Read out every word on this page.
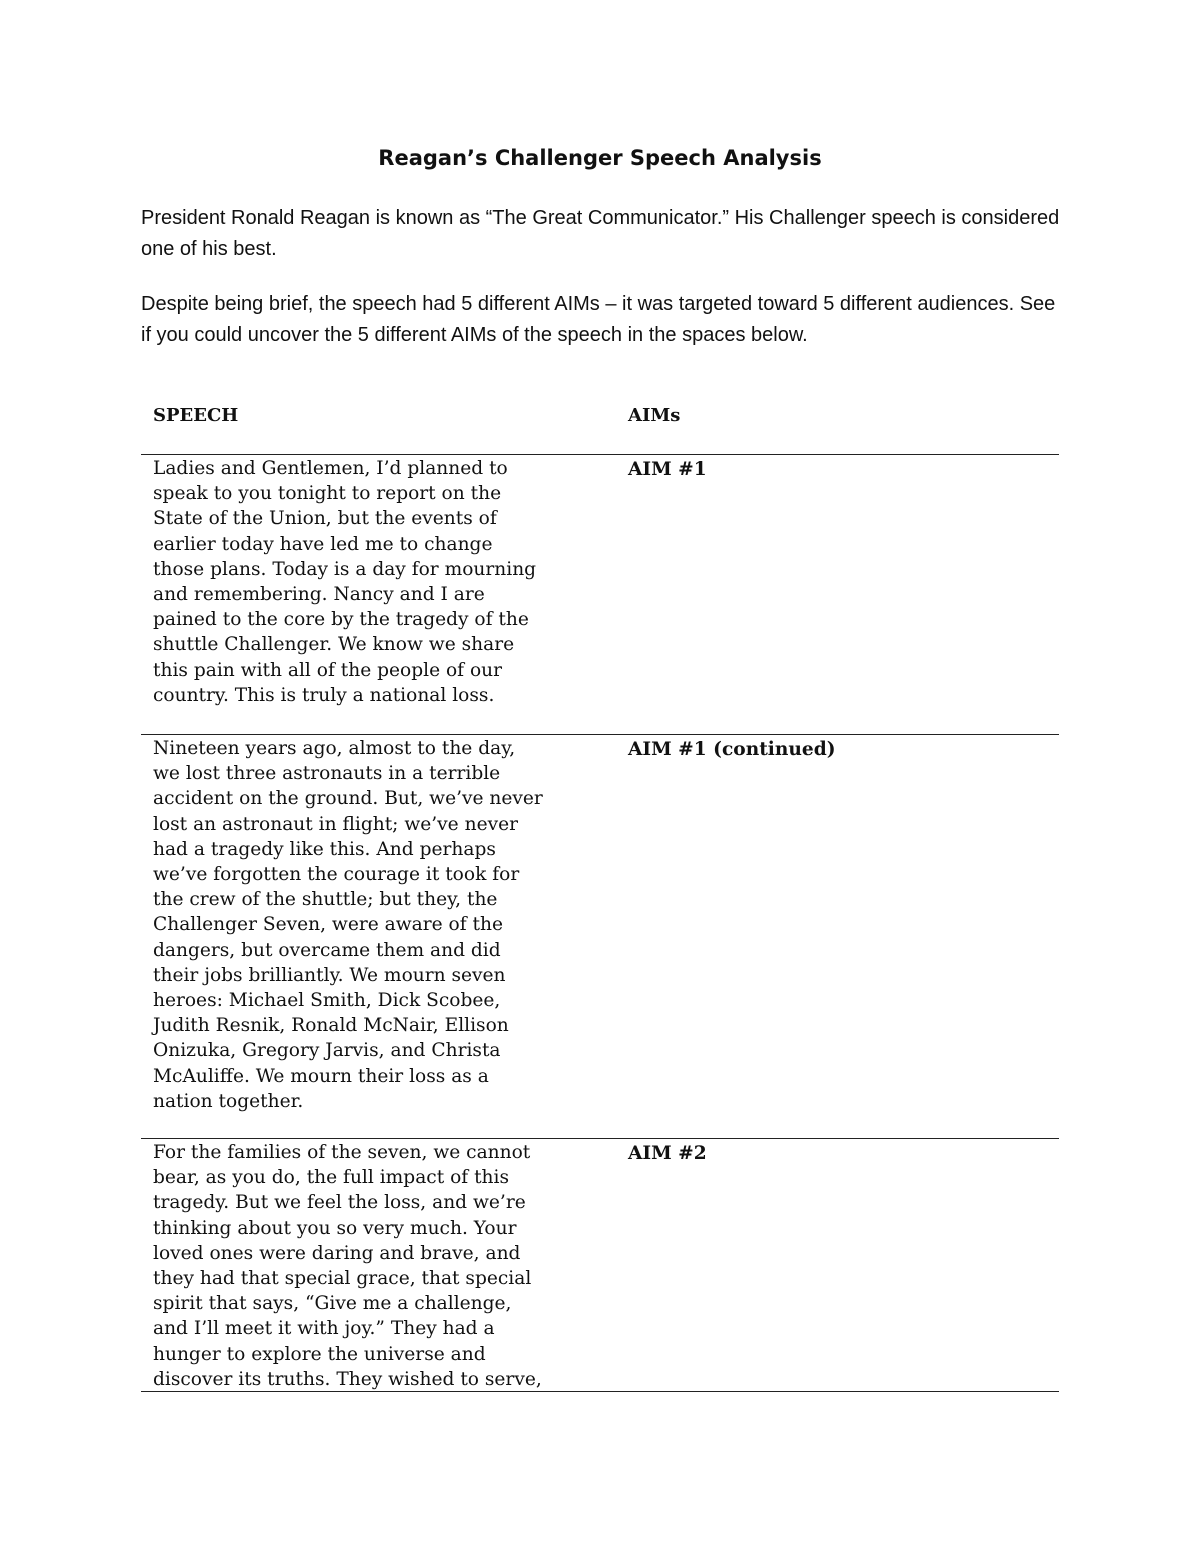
Reagan’s Challenger Speech Analysis

President Ronald Reagan is known as “The Great Communicator.” His Challenger speech is considered one of his best.

Despite being brief, the speech had 5 different AIMs – it was targeted toward 5 different audiences. See if you could uncover the 5 different AIMs of the speech in the spaces below.

SPEECH	AIMs

Ladies and Gentlemen, I’d planned to
speak to you tonight to report on the
State of the Union, but the events of
earlier today have led me to change
those plans. Today is a day for mourning
and remembering. Nancy and I are
pained to the core by the tragedy of the
shuttle Challenger. We know we share
this pain with all of the people of our
country. This is truly a national loss.

AIM #1

Nineteen years ago, almost to the day,
we lost three astronauts in a terrible
accident on the ground. But, we’ve never
lost an astronaut in flight; we’ve never
had a tragedy like this. And perhaps
we’ve forgotten the courage it took for
the crew of the shuttle; but they, the
Challenger Seven, were aware of the
dangers, but overcame them and did
their jobs brilliantly. We mourn seven
heroes: Michael Smith, Dick Scobee,
Judith Resnik, Ronald McNair, Ellison
Onizuka, Gregory Jarvis, and Christa
McAuliffe. We mourn their loss as a
nation together.

AIM #1 (continued)

For the families of the seven, we cannot
bear, as you do, the full impact of this
tragedy. But we feel the loss, and we’re
thinking about you so very much. Your
loved ones were daring and brave, and
they had that special grace, that special
spirit that says, “Give me a challenge,
and I’ll meet it with joy.” They had a
hunger to explore the universe and
discover its truths. They wished to serve,

AIM #2
